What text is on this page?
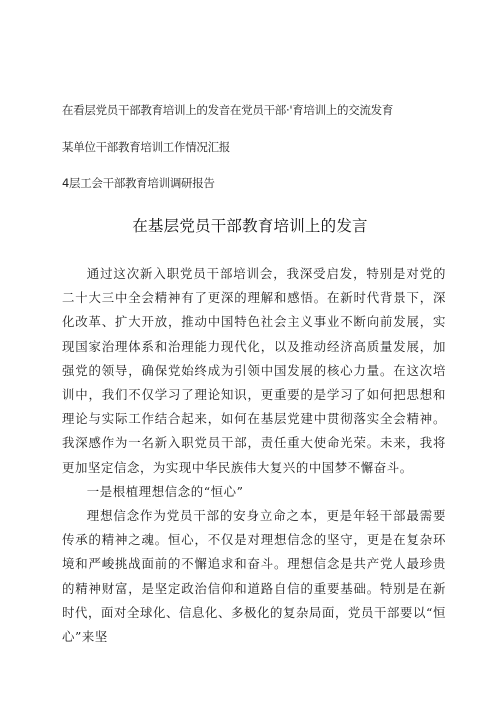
在看层党员干部教育培训上的发音在党员干部·'育培训上的交流发育
某单位干部教育培训工作情况汇报
4层工会干部教育培训调研报告
在基层党员干部教育培训上的发言

通过这次新入职党员干部培训会，我深受启发，特别是对党的二十大三中全会精神有了更深的理解和感悟。在新时代背景下，深化改革、扩大开放，推动中国特色社会主义事业不断向前发展，实现国家治理体系和治理能力现代化，以及推动经济高质量发展，加强党的领导，确保党始终成为引领中国发展的核心力量。在这次培训中，我们不仅学习了理论知识，更重要的是学习了如何把思想和理论与实际工作结合起来，如何在基层党建中贯彻落实全会精神。我深感作为一名新入职党员干部，责任重大使命光荣。未来，我将更加坚定信念，为实现中华民族伟大复兴的中国梦不懈奋斗。

一是根植理想信念的“恒心”

理想信念作为党员干部的安身立命之本，更是年轻干部最需要传承的精神之魂。恒心，不仅是对理想信念的坚守，更是在复杂环境和严峻挑战面前的不懈追求和奋斗。理想信念是共产党人最珍贵的精神财富，是坚定政治信仰和道路自信的重要基础。特别是在新时代，面对全球化、信息化、多极化的复杂局面，党员干部要以“恒心”来坚
